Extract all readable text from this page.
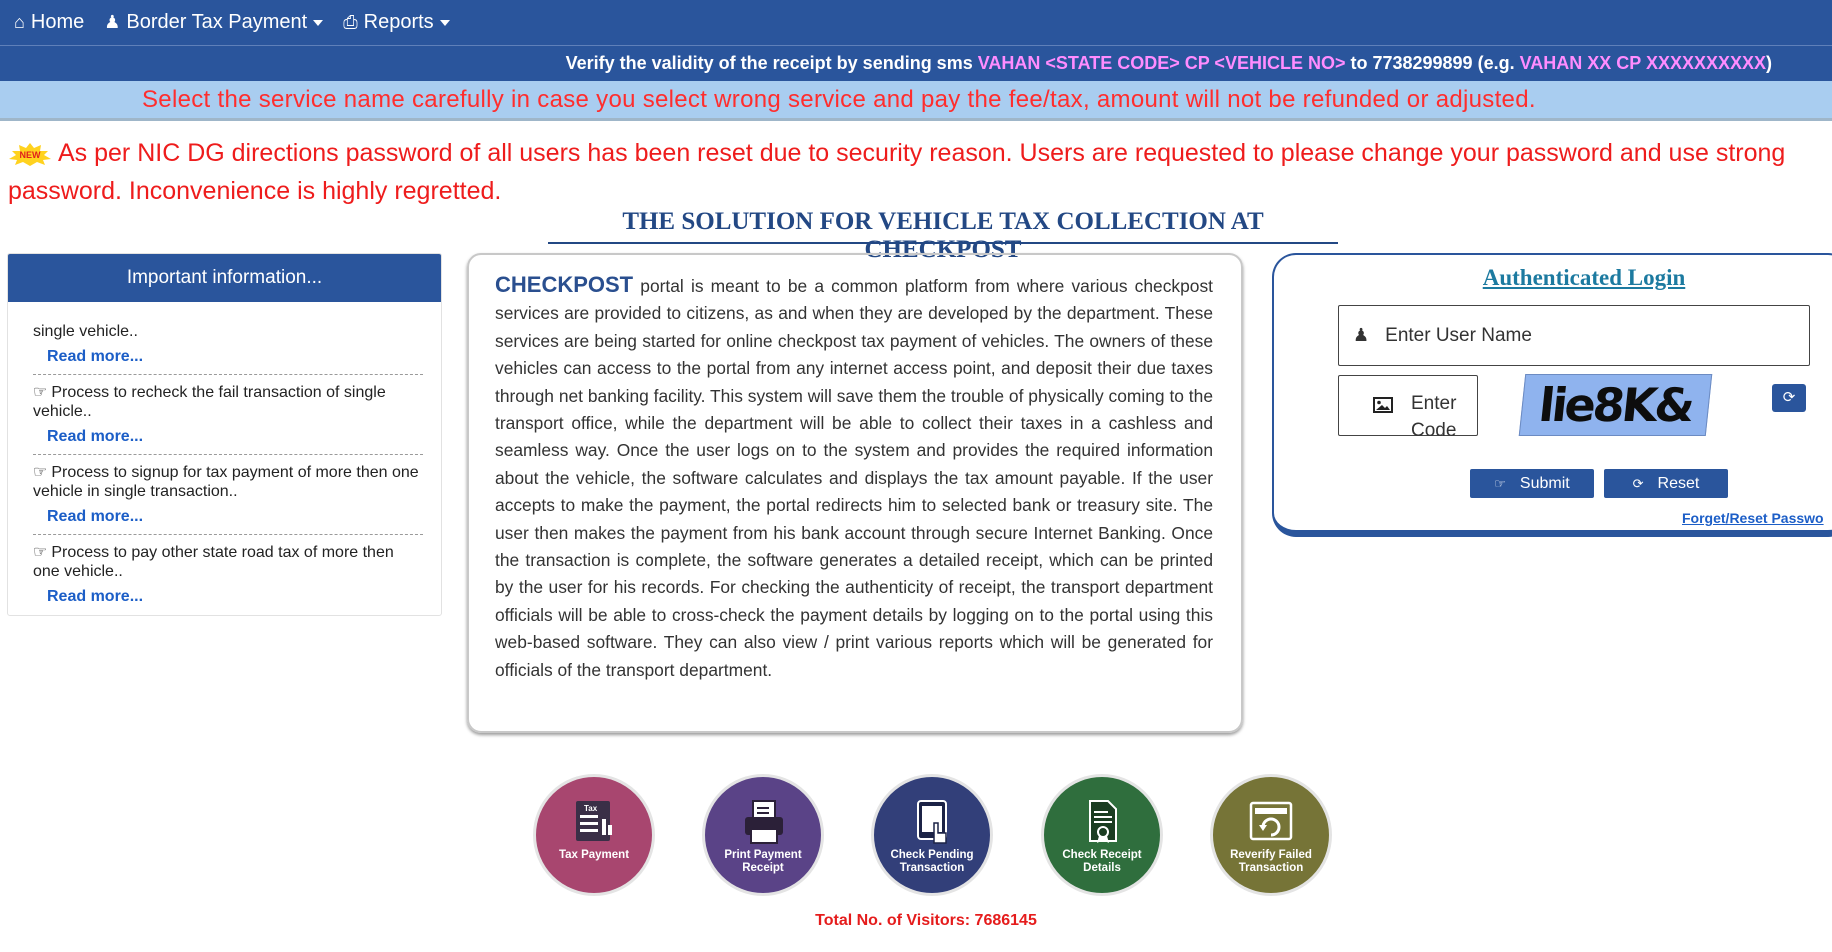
⌂ Home ♟ Border Tax Payment ⎙ Reports
Verify the validity of the receipt by sending sms VAHAN <STATE CODE> CP <VEHICLE NO> to 7738299899 (e.g. VAHAN XX CP XXXXXXXXXX)
Select the service name carefully in case you select wrong service and pay the fee/tax, amount will not be refunded or adjusted.
NEW As per NIC DG directions password of all users has been reset due to security reason. Users are requested to please change your password and use strong password. Inconvenience is highly regretted.
THE SOLUTION FOR VEHICLE TAX COLLECTION AT CHECKPOST
Important information...
single vehicle..
Read more...
☞ Process to recheck the fail transaction of single vehicle..
Read more...
☞ Process to signup for tax payment of more then one vehicle in single transaction..
Read more...
☞ Process to pay other state road tax of more then one vehicle..
Read more...
CHECKPOST portal is meant to be a common platform from where various checkpost services are provided to citizens, as and when they are developed by the department. These services are being started for online checkpost tax payment of vehicles. The owners of these vehicles can access to the portal from any internet access point, and deposit their due taxes through net banking facility. This system will save them the trouble of physically coming to the transport office, while the department will be able to collect their taxes in a cashless and seamless way. Once the user logs on to the system and provides the required information about the vehicle, the software calculates and displays the tax amount payable. If the user accepts to make the payment, the portal redirects him to selected bank or treasury site. The user then makes the payment from his bank account through secure Internet Banking. Once the transaction is complete, the software generates a detailed receipt, which can be printed by the user for his records. For checking the authenticity of receipt, the transport department officials will be able to cross-check the payment details by logging on to the portal using this web-based software. They can also view / print various reports which will be generated for officials of the transport department.
Authenticated Login
♟ Enter User Name
Enter Code	lie8K&	⟳
☞ Submit	⟳ Reset
Forget/Reset Passwo
Tax
Tax Payment	Print Payment Receipt
Check Pending Transaction
Check Receipt Details
Reverify Failed Transaction
Total No. of Visitors: 7686145
